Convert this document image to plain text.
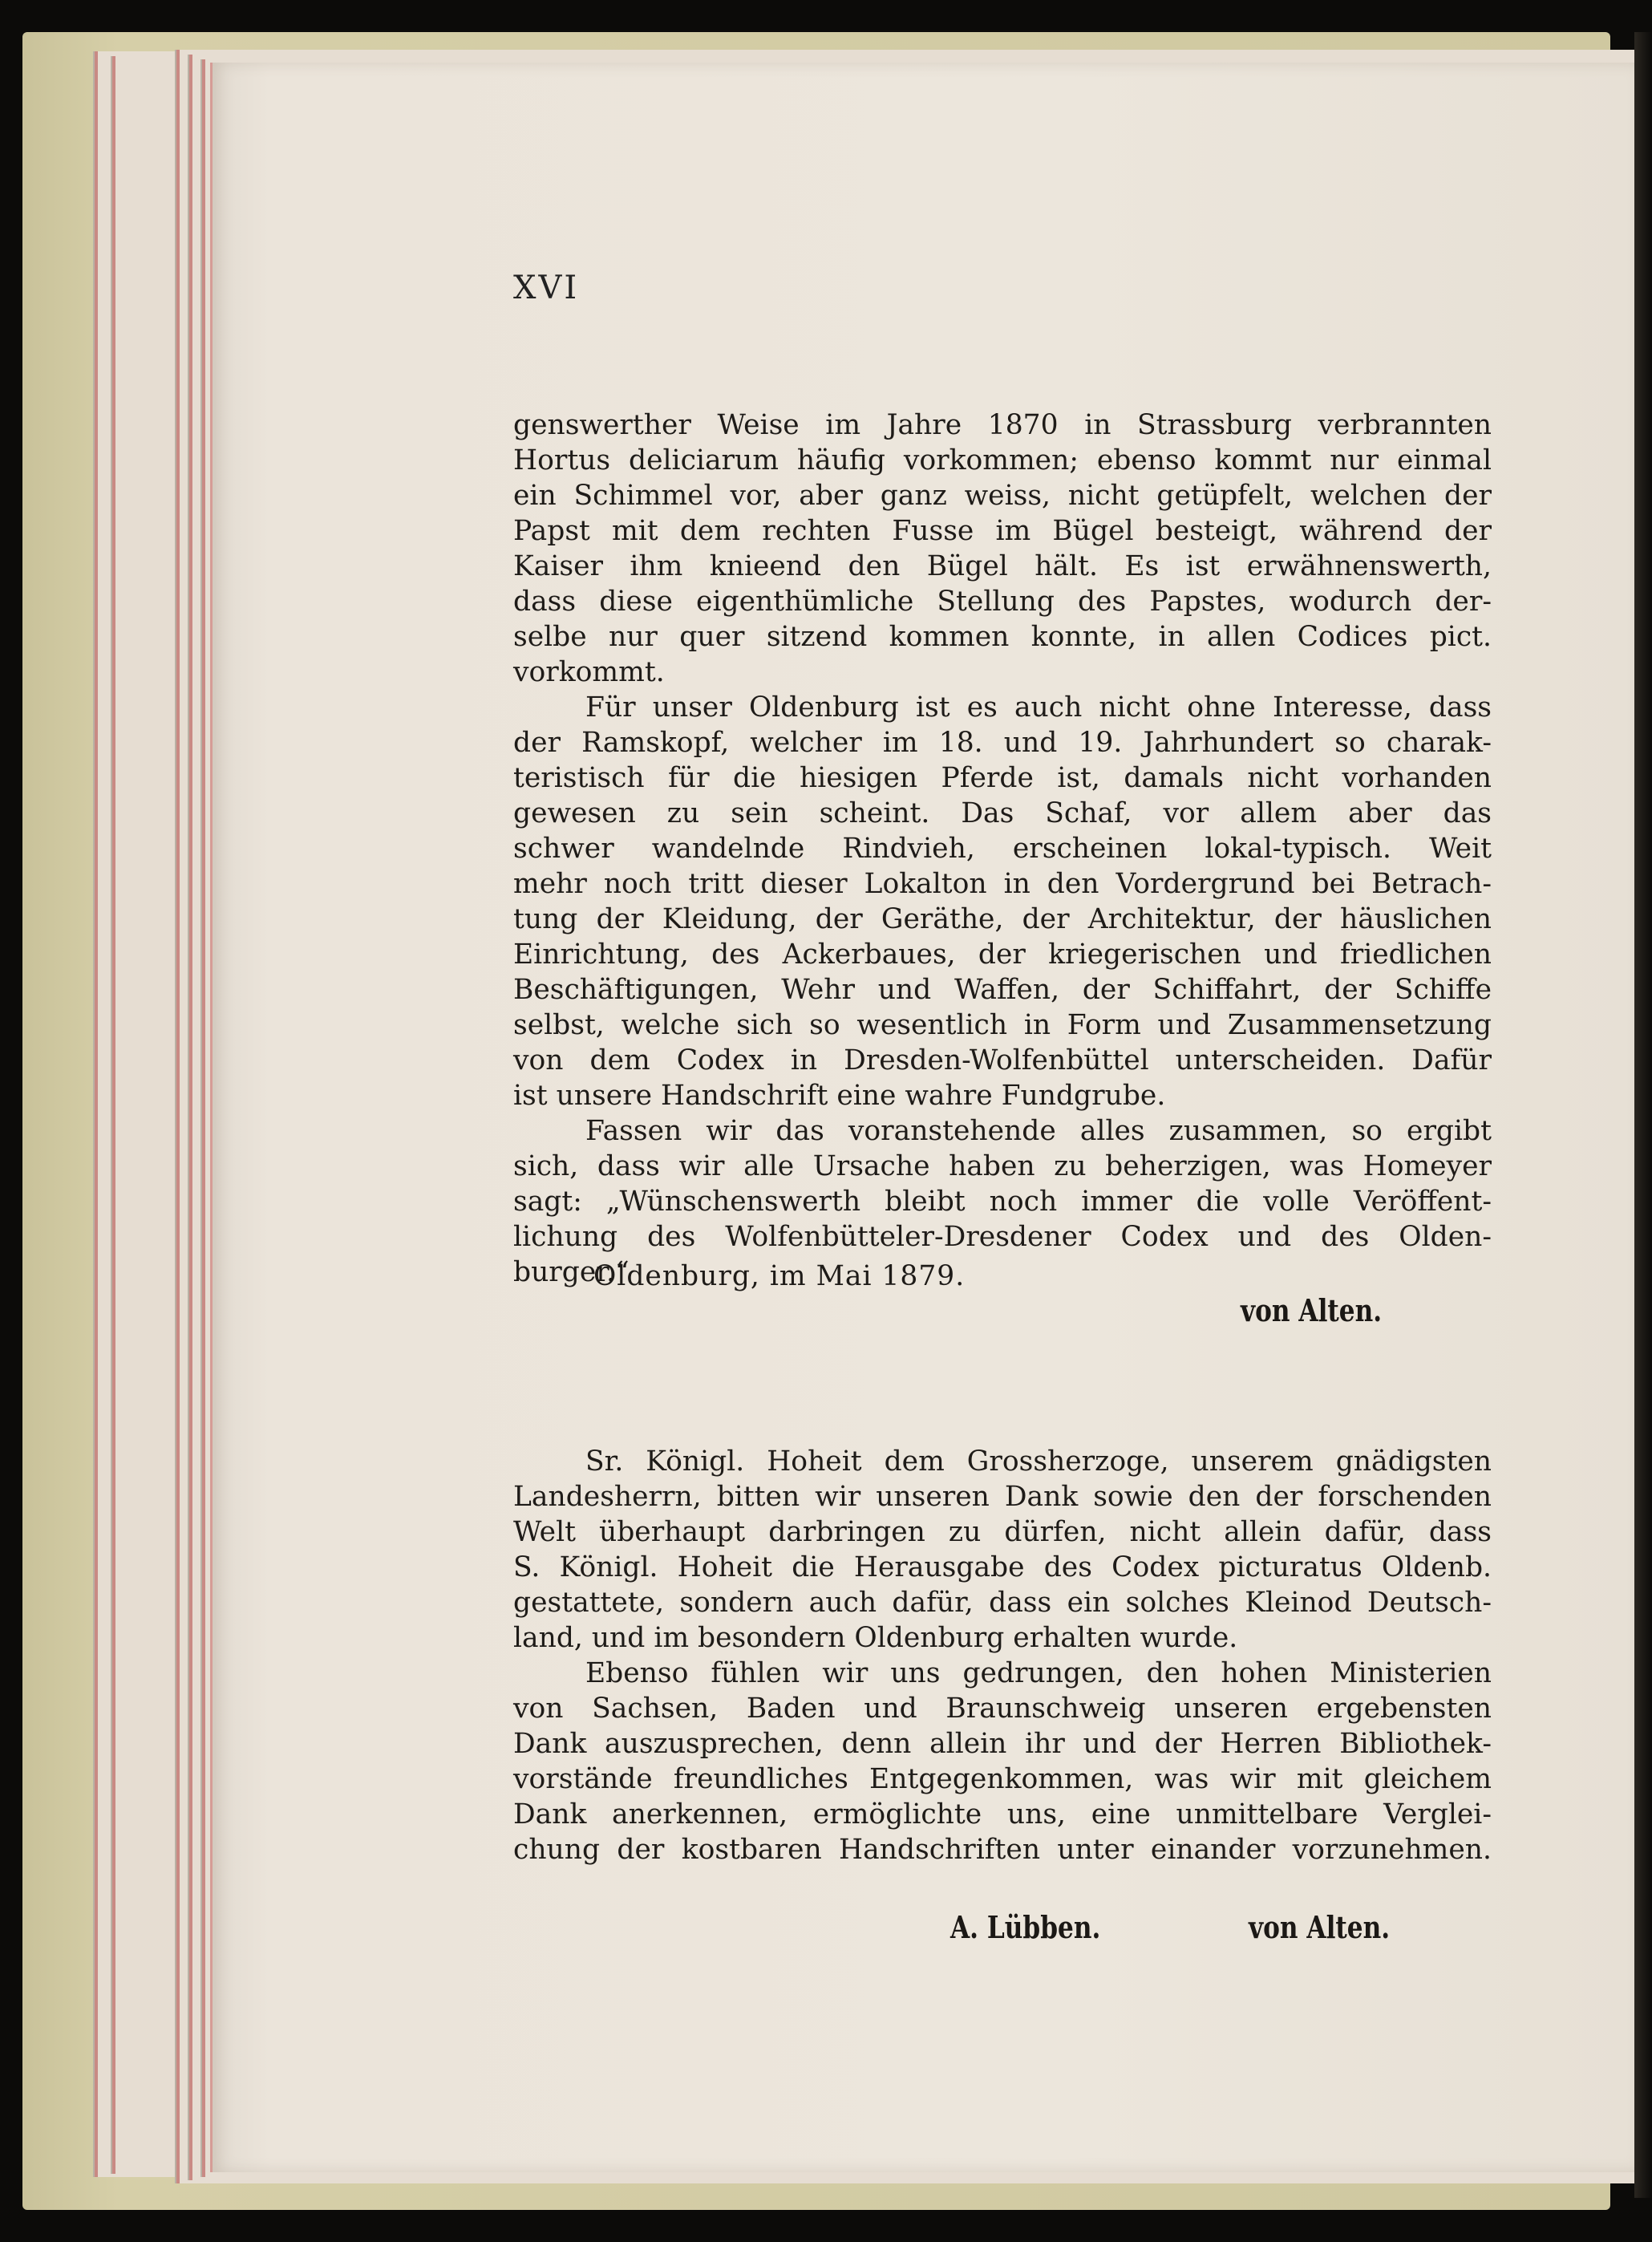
XVI
genswerther Weise im Jahre 1870 in Strassburg verbrannten
Hortus deliciarum häufig vorkommen; ebenso kommt nur einmal
ein Schimmel vor, aber ganz weiss, nicht getüpfelt, welchen der
Papst mit dem rechten Fusse im Bügel besteigt, während der
Kaiser ihm knieend den Bügel hält. Es ist erwähnenswerth,
dass diese eigenthümliche Stellung des Papstes, wodurch der-
selbe nur quer sitzend kommen konnte, in allen Codices pict.
vorkommt.
Für unser Oldenburg ist es auch nicht ohne Interesse, dass
der Ramskopf, welcher im 18. und 19. Jahrhundert so charak-
teristisch für die hiesigen Pferde ist, damals nicht vorhanden
gewesen zu sein scheint. Das Schaf, vor allem aber das
schwer wandelnde Rindvieh, erscheinen lokal-typisch. Weit
mehr noch tritt dieser Lokalton in den Vordergrund bei Betrach-
tung der Kleidung, der Geräthe, der Architektur, der häuslichen
Einrichtung, des Ackerbaues, der kriegerischen und friedlichen
Beschäftigungen, Wehr und Waffen, der Schiffahrt, der Schiffe
selbst, welche sich so wesentlich in Form und Zusammensetzung
von dem Codex in Dresden-Wolfenbüttel unterscheiden. Dafür
ist unsere Handschrift eine wahre Fundgrube.
Fassen wir das voranstehende alles zusammen, so ergibt
sich, dass wir alle Ursache haben zu beherzigen, was Homeyer
sagt: „Wünschenswerth bleibt noch immer die volle Veröffent-
lichung des Wolfenbütteler-Dresdener Codex und des Olden-
burger.“
Oldenburg, im Mai 1879.
von Alten.
Sr. Königl. Hoheit dem Grossherzoge, unserem gnädigsten
Landesherrn, bitten wir unseren Dank sowie den der forschenden
Welt überhaupt darbringen zu dürfen, nicht allein dafür, dass
S. Königl. Hoheit die Herausgabe des Codex picturatus Oldenb.
gestattete, sondern auch dafür, dass ein solches Kleinod Deutsch-
land, und im besondern Oldenburg erhalten wurde.
Ebenso fühlen wir uns gedrungen, den hohen Ministerien
von Sachsen, Baden und Braunschweig unseren ergebensten
Dank auszusprechen, denn allein ihr und der Herren Bibliothek-
vorstände freundliches Entgegenkommen, was wir mit gleichem
Dank anerkennen, ermöglichte uns, eine unmittelbare Verglei-
chung der kostbaren Handschriften unter einander vorzunehmen.
A. Lübben.	von Alten.
